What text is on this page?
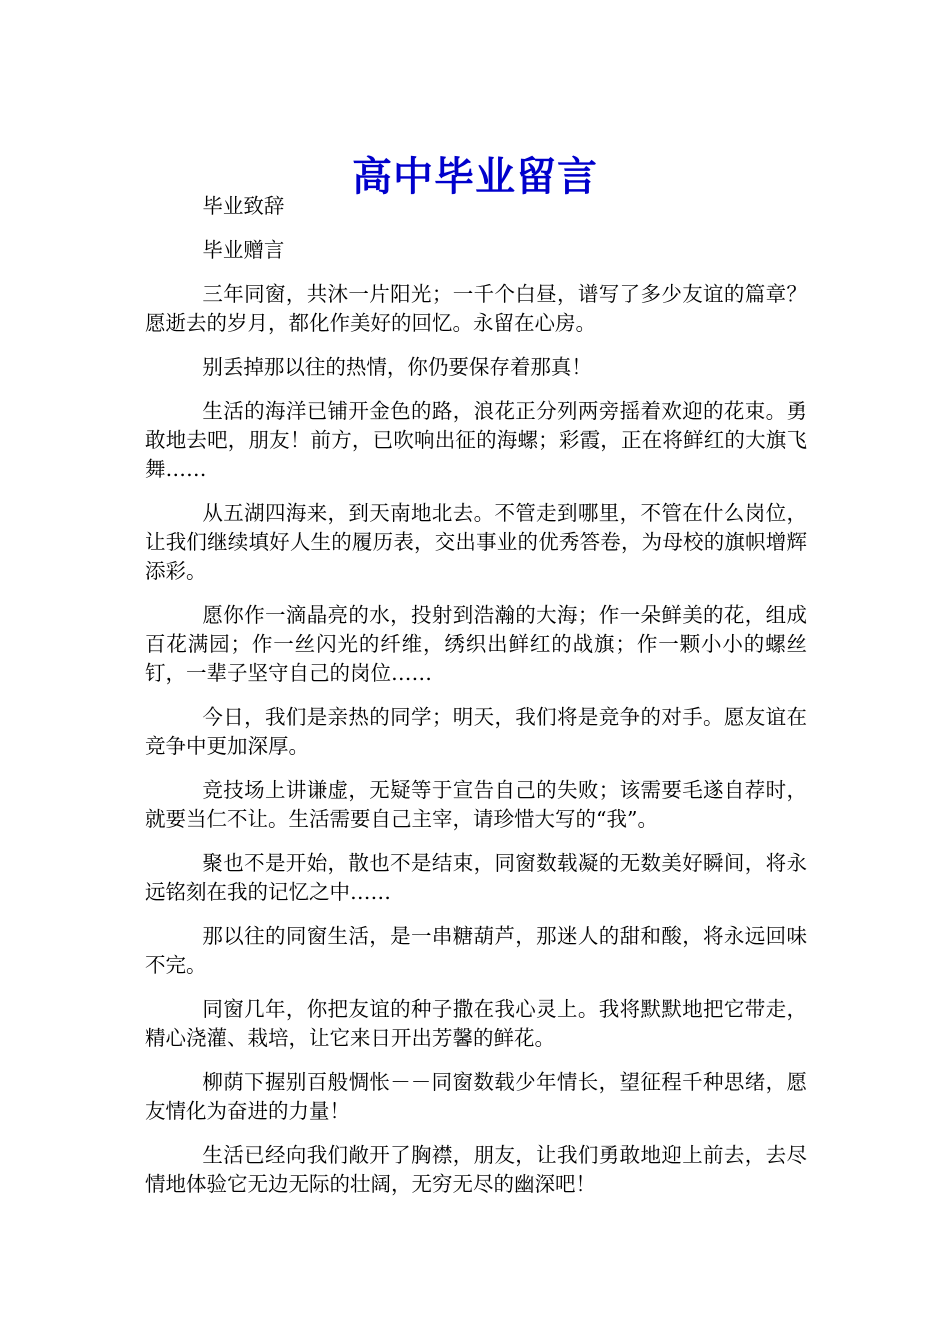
高中毕业留言

毕业致辞

毕业赠言

三年同窗，共沐一片阳光；一千个白昼，谱写了多少友谊的篇章？愿逝去的岁月，都化作美好的回忆。永留在心房。

别丢掉那以往的热情，你仍要保存着那真！

生活的海洋已铺开金色的路，浪花正分列两旁摇着欢迎的花束。勇敢地去吧，朋友！前方，已吹响出征的海螺；彩霞，正在将鲜红的大旗飞舞……

从五湖四海来，到天南地北去。不管走到哪里，不管在什么岗位，让我们继续填好人生的履历表，交出事业的优秀答卷，为母校的旗帜增辉添彩。

愿你作一滴晶亮的水，投射到浩瀚的大海；作一朵鲜美的花，组成百花满园；作一丝闪光的纤维，绣织出鲜红的战旗；作一颗小小的螺丝钉，一辈子坚守自己的岗位……

今日，我们是亲热的同学；明天，我们将是竞争的对手。愿友谊在竞争中更加深厚。

竞技场上讲谦虚，无疑等于宣告自己的失败；该需要毛遂自荐时，就要当仁不让。生活需要自己主宰，请珍惜大写的“我”。

聚也不是开始，散也不是结束，同窗数载凝的无数美好瞬间，将永远铭刻在我的记忆之中……

那以往的同窗生活，是一串糖葫芦，那迷人的甜和酸，将永远回味不完。

同窗几年，你把友谊的种子撒在我心灵上。我将默默地把它带走，精心浇灌、栽培，让它来日开出芳馨的鲜花。

柳荫下握别百般惆怅－－同窗数载少年情长，望征程千种思绪，愿友情化为奋进的力量！

生活已经向我们敞开了胸襟，朋友，让我们勇敢地迎上前去，去尽情地体验它无边无际的壮阔，无穷无尽的幽深吧！
